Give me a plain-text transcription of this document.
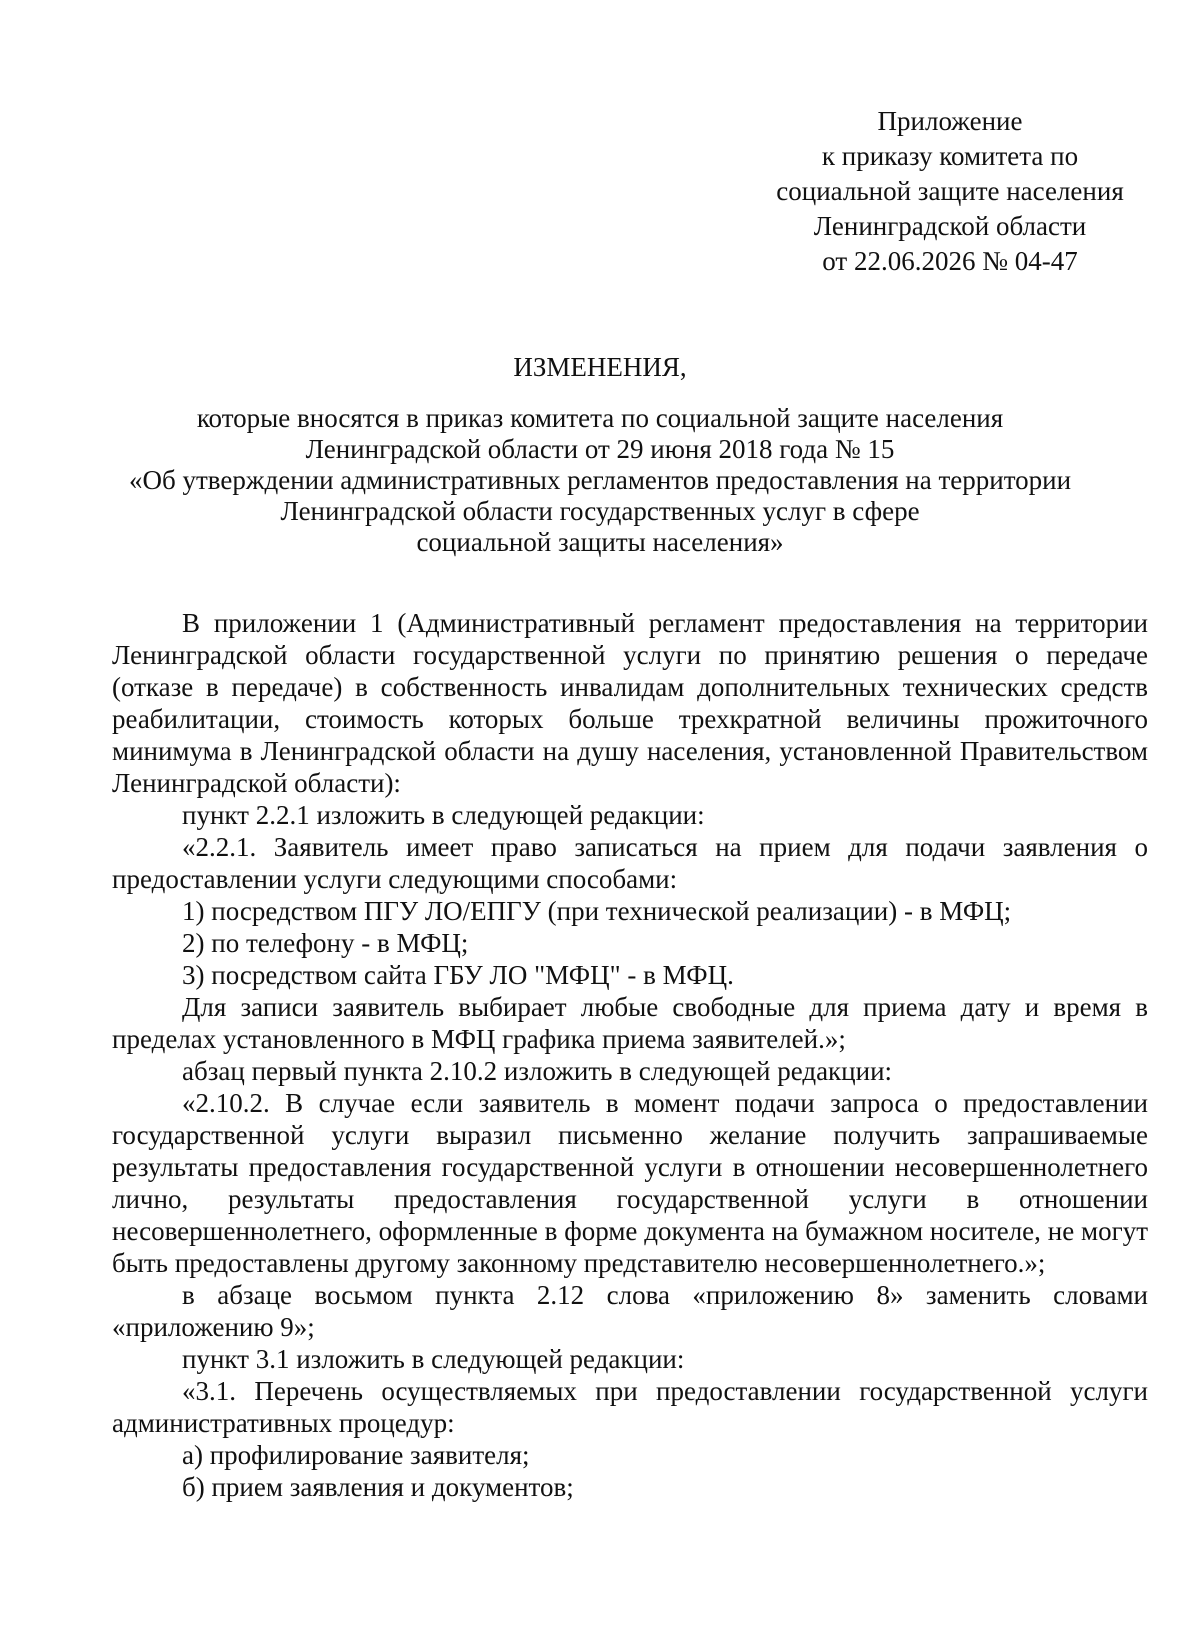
Приложение
к приказу комитета по
социальной защите населения
Ленинградской области
от 22.06.2026 № 04-47
ИЗМЕНЕНИЯ,
которые вносятся в приказ комитета по социальной защите населения
Ленинградской области от 29 июня 2018 года № 15
«Об утверждении административных регламентов предоставления на территории
Ленинградской области государственных услуг в сфере
социальной защиты населения»

В приложении 1 (Административный регламент предоставления на территории Ленинградской области государственной услуги по принятию решения о передаче (отказе в передаче) в собственность инвалидам дополнительных технических средств реабилитации, стоимость которых больше трехкратной величины прожиточного минимума в Ленинградской области на душу населения, установленной Правительством Ленинградской области):

пункт 2.2.1 изложить в следующей редакции:

«2.2.1. Заявитель имеет право записаться на прием для подачи заявления о предоставлении услуги следующими способами:

1) посредством ПГУ ЛО/ЕПГУ (при технической реализации) - в МФЦ;

2) по телефону - в МФЦ;

3) посредством сайта ГБУ ЛО "МФЦ" - в МФЦ.

Для записи заявитель выбирает любые свободные для приема дату и время в пределах установленного в МФЦ графика приема заявителей.»;

абзац первый пункта 2.10.2 изложить в следующей редакции:

«2.10.2. В случае если заявитель в момент подачи запроса о предоставлении государственной услуги выразил письменно желание получить запрашиваемые результаты предоставления государственной услуги в отношении несовершеннолетнего лично, результаты предоставления государственной услуги в отношении несовершеннолетнего, оформленные в форме документа на бумажном носителе, не могут быть предоставлены другому законному представителю несовершеннолетнего.»;

в абзаце восьмом пункта 2.12 слова «приложению 8» заменить словами «приложению 9»;

пункт 3.1 изложить в следующей редакции:

«3.1. Перечень осуществляемых при предоставлении государственной услуги административных процедур:

а) профилирование заявителя;

б) прием заявления и документов;
